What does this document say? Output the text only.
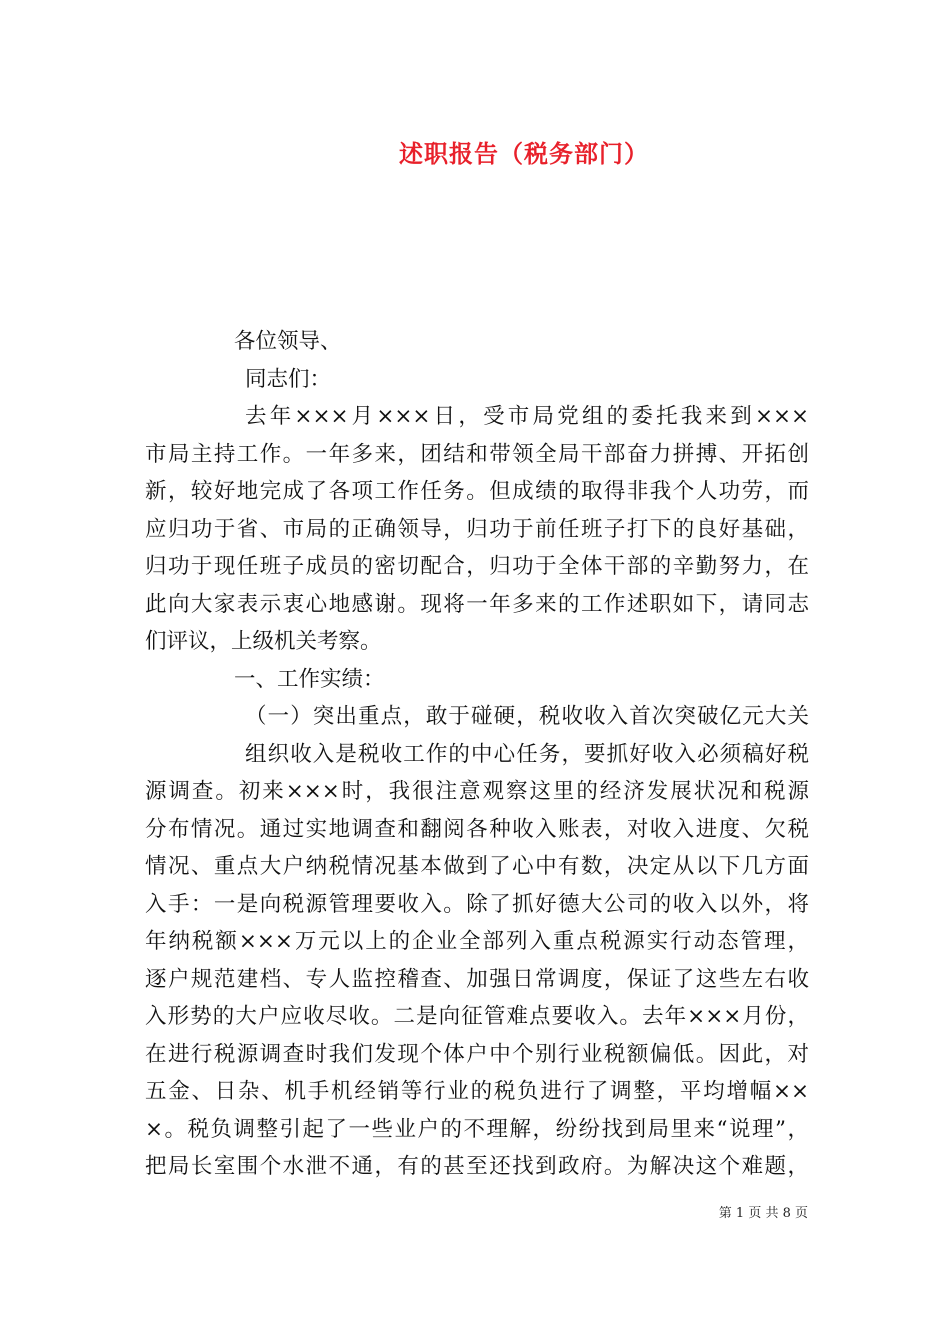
述职报告（税务部门）
各位领导、
同志们：
去年×××月×××日，受市局党组的委托我来到×××
市局主持工作。一年多来，团结和带领全局干部奋力拼搏、开拓创
新，较好地完成了各项工作任务。但成绩的取得非我个人功劳，而
应归功于省、市局的正确领导，归功于前任班子打下的良好基础，
归功于现任班子成员的密切配合，归功于全体干部的辛勤努力，在
此向大家表示衷心地感谢。现将一年多来的工作述职如下，请同志
们评议，上级机关考察。
一、工作实绩：
（一）突出重点，敢于碰硬，税收收入首次突破亿元大关
组织收入是税收工作的中心任务，要抓好收入必须稿好税
源调查。初来×××时，我很注意观察这里的经济发展状况和税源
分布情况。通过实地调查和翻阅各种收入账表，对收入进度、欠税
情况、重点大户纳税情况基本做到了心中有数，决定从以下几方面
入手：一是向税源管理要收入。除了抓好德大公司的收入以外，将
年纳税额×××万元以上的企业全部列入重点税源实行动态管理，
逐户规范建档、专人监控稽查、加强日常调度，保证了这些左右收
入形势的大户应收尽收。二是向征管难点要收入。去年×××月份，
在进行税源调查时我们发现个体户中个别行业税额偏低。因此，对
五金、日杂、机手机经销等行业的税负进行了调整，平均增幅××
×。税负调整引起了一些业户的不理解，纷纷找到局里来“说理”，
把局长室围个水泄不通，有的甚至还找到政府。为解决这个难题，
第 1 页 共 8 页
